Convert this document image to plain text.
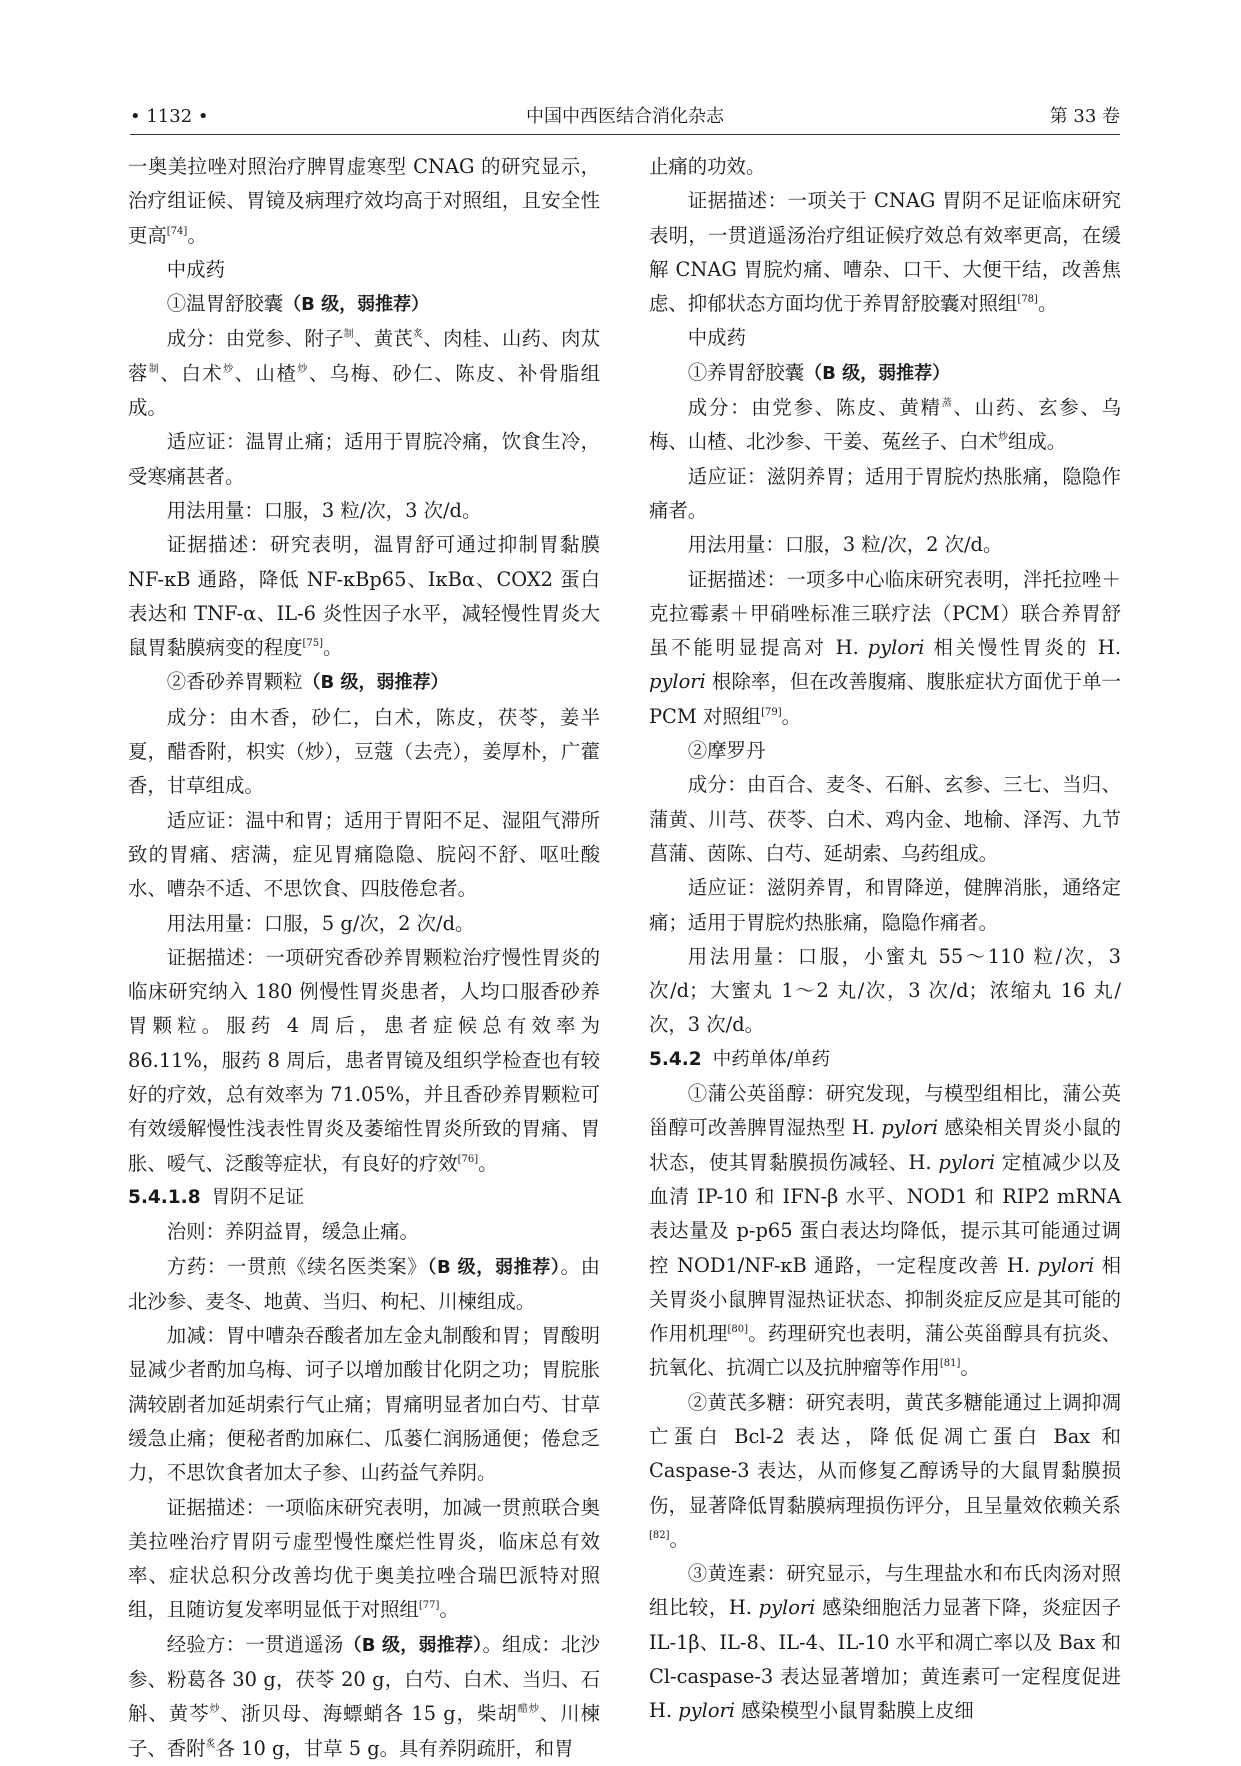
• 1132 •	中国中西医结合消化杂志	第 33 卷

一奥美拉唑对照治疗脾胃虚寒型 CNAG 的研究显示，治疗组证候、胃镜及病理疗效均高于对照组，且安全性更高[74]。

中成药

①温胃舒胶囊（B 级，弱推荐）

成分：由党参、附子$^制$、黄芪$^炙$、肉桂、山药、肉苁蓉$^制$、白术$^炒$、山楂$^炒$、乌梅、砂仁、陈皮、补骨脂组成。

适应证：温胃止痛；适用于胃脘冷痛，饮食生冷，受寒痛甚者。

用法用量：口服，3 粒/次，3 次/d。

证据描述：研究表明，温胃舒可通过抑制胃黏膜 NF-κB 通路，降低 NF-κBp65、IκBα、COX2 蛋白表达和 TNF-α、IL-6 炎性因子水平，减轻慢性胃炎大鼠胃黏膜病变的程度[75]。

②香砂养胃颗粒（B 级，弱推荐）

成分：由木香，砂仁，白术，陈皮，茯苓，姜半夏，醋香附，枳实（炒），豆蔻（去壳），姜厚朴，广藿香，甘草组成。

适应证：温中和胃；适用于胃阳不足、湿阻气滞所致的胃痛、痞满，症见胃痛隐隐、脘闷不舒、呕吐酸水、嘈杂不适、不思饮食、四肢倦怠者。

用法用量：口服，5 g/次，2 次/d。

证据描述：一项研究香砂养胃颗粒治疗慢性胃炎的临床研究纳入 180 例慢性胃炎患者，人均口服香砂养胃颗粒。服药 4 周后，患者症候总有效率为 86.11%，服药 8 周后，患者胃镜及组织学检查也有较好的疗效，总有效率为 71.05%，并且香砂养胃颗粒可有效缓解慢性浅表性胃炎及萎缩性胃炎所致的胃痛、胃胀、嗳气、泛酸等症状，有良好的疗效[76]。

5.4.1.8 胃阴不足证

治则：养阴益胃，缓急止痛。

方药：一贯煎《续名医类案》（B 级，弱推荐）。由北沙参、麦冬、地黄、当归、枸杞、川楝组成。

加减：胃中嘈杂吞酸者加左金丸制酸和胃；胃酸明显减少者酌加乌梅、诃子以增加酸甘化阴之功；胃脘胀满较剧者加延胡索行气止痛；胃痛明显者加白芍、甘草缓急止痛；便秘者酌加麻仁、瓜蒌仁润肠通便；倦怠乏力，不思饮食者加太子参、山药益气养阴。

证据描述：一项临床研究表明，加减一贯煎联合奥美拉唑治疗胃阴亏虚型慢性糜烂性胃炎，临床总有效率、症状总积分改善均优于奥美拉唑合瑞巴派特对照组，且随访复发率明显低于对照组[77]。

经验方：一贯逍遥汤（B 级，弱推荐）。组成：北沙参、粉葛各 30 g，茯苓 20 g，白芍、白术、当归、石斛、黄芩$^炒$、浙贝母、海螵蛸各 15 g，柴胡$^{醋炒}$、川楝子、香附$^炙$各 10 g，甘草 5 g。具有养阴疏肝，和胃

止痛的功效。

证据描述：一项关于 CNAG 胃阴不足证临床研究表明，一贯逍遥汤治疗组证候疗效总有效率更高，在缓解 CNAG 胃脘灼痛、嘈杂、口干、大便干结，改善焦虑、抑郁状态方面均优于养胃舒胶囊对照组[78]。

中成药

①养胃舒胶囊（B 级，弱推荐）

成分：由党参、陈皮、黄精$^蒸$、山药、玄参、乌梅、山楂、北沙参、干姜、菟丝子、白术$^炒$组成。

适应证：滋阴养胃；适用于胃脘灼热胀痛，隐隐作痛者。

用法用量：口服，3 粒/次，2 次/d。

证据描述：一项多中心临床研究表明，泮托拉唑＋克拉霉素＋甲硝唑标准三联疗法（PCM）联合养胃舒虽不能明显提高对 H. pylori 相关慢性胃炎的 H. pylori 根除率，但在改善腹痛、腹胀症状方面优于单一 PCM 对照组[79]。

②摩罗丹

成分：由百合、麦冬、石斛、玄参、三七、当归、蒲黄、川芎、茯苓、白术、鸡内金、地榆、泽泻、九节菖蒲、茵陈、白芍、延胡索、乌药组成。

适应证：滋阴养胃，和胃降逆，健脾消胀，通络定痛；适用于胃脘灼热胀痛，隐隐作痛者。

用法用量：口服，小蜜丸 55～110 粒/次，3 次/d；大蜜丸 1～2 丸/次，3 次/d；浓缩丸 16 丸/次，3 次/d。

5.4.2 中药单体/单药

①蒲公英甾醇：研究发现，与模型组相比，蒲公英甾醇可改善脾胃湿热型 H. pylori 感染相关胃炎小鼠的状态，使其胃黏膜损伤减轻、H. pylori 定植减少以及血清 IP-10 和 IFN-β 水平、NOD1 和 RIP2 mRNA 表达量及 p-p65 蛋白表达均降低，提示其可能通过调控 NOD1/NF-κB 通路，一定程度改善 H. pylori 相关胃炎小鼠脾胃湿热证状态、抑制炎症反应是其可能的作用机理[80]。药理研究也表明，蒲公英甾醇具有抗炎、抗氧化、抗凋亡以及抗肿瘤等作用[81]。

②黄芪多糖：研究表明，黄芪多糖能通过上调抑凋亡蛋白 Bcl-2 表达，降低促凋亡蛋白 Bax 和 Caspase-3 表达，从而修复乙醇诱导的大鼠胃黏膜损伤，显著降低胃黏膜病理损伤评分，且呈量效依赖关系[82]。

③黄连素：研究显示，与生理盐水和布氏肉汤对照组比较，H. pylori 感染细胞活力显著下降，炎症因子 IL-1β、IL-8、IL-4、IL-10 水平和凋亡率以及 Bax 和 Cl-caspase-3 表达显著增加；黄连素可一定程度促进 H. pylori 感染模型小鼠胃黏膜上皮细
